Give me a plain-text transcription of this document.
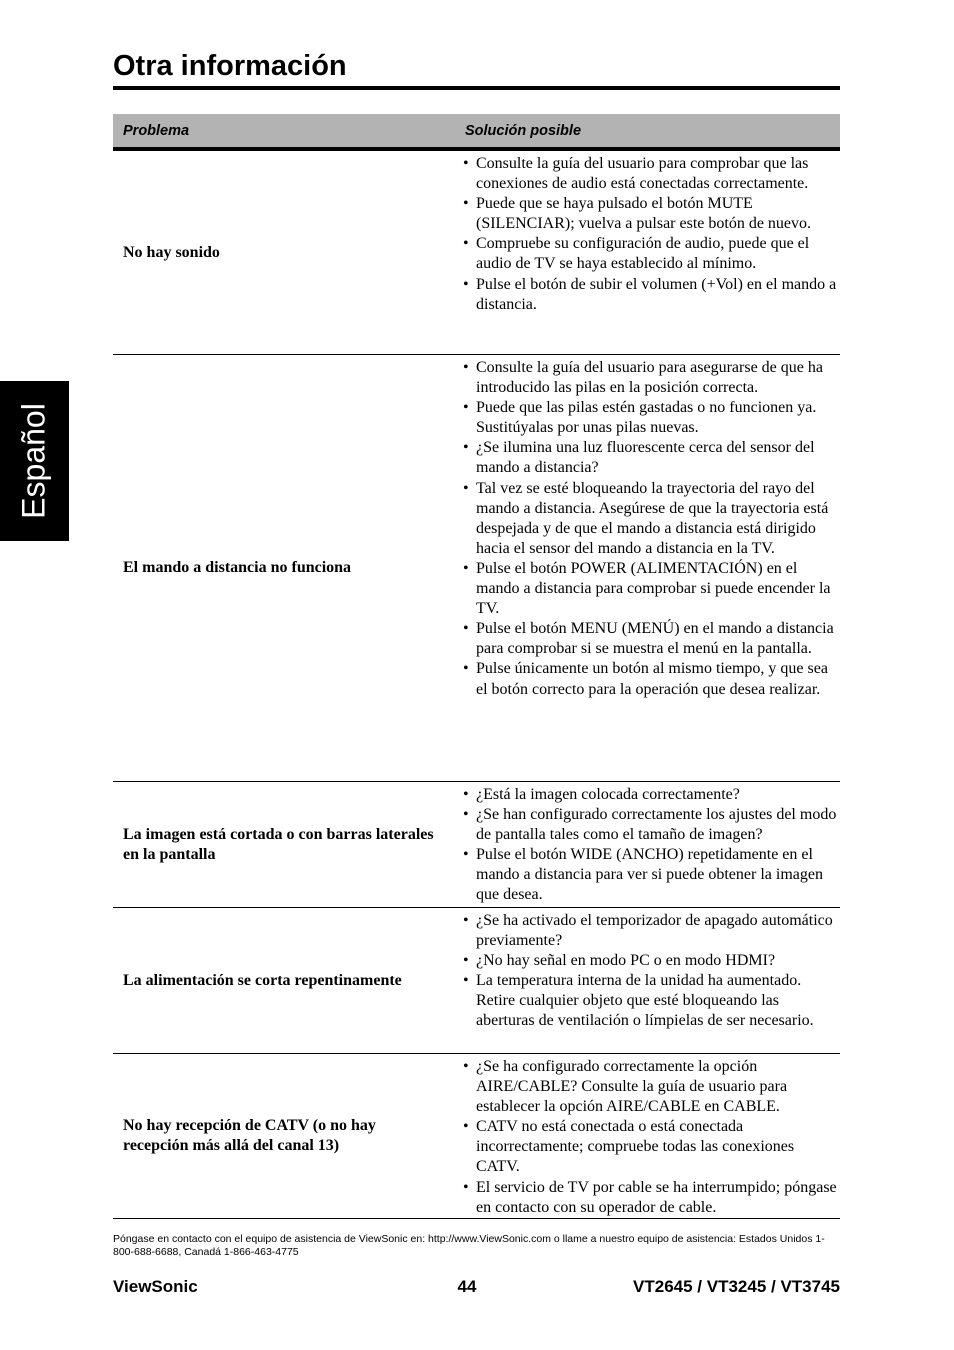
Otra información
Español
Problema	Solución posible
No hay sonido
• Consulte la guía del usuario para comprobar que las conexiones de audio está conectadas correctamente.
• Puede que se haya pulsado el botón MUTE (SILENCIAR); vuelva a pulsar este botón de nuevo.
• Compruebe su configuración de audio, puede que el audio de TV se haya establecido al mínimo.
• Pulse el botón de subir el volumen (+Vol) en el mando a distancia.
El mando a distancia no funciona
• Consulte la guía del usuario para asegurarse de que ha introducido las pilas en la posición correcta.
• Puede que las pilas estén gastadas o no funcionen ya. Sustitúyalas por unas pilas nuevas.
• ¿Se ilumina una luz fluorescente cerca del sensor del mando a distancia?
• Tal vez se esté bloqueando la trayectoria del rayo del mando a distancia. Asegúrese de que la trayectoria está despejada y de que el mando a distancia está dirigido hacia el sensor del mando a distancia en la TV.
• Pulse el botón POWER (ALIMENTACIÓN) en el mando a distancia para comprobar si puede encender la TV.
• Pulse el botón MENU (MENÚ) en el mando a distancia para comprobar si se muestra el menú en la pantalla.
• Pulse únicamente un botón al mismo tiempo, y que sea el botón correcto para la operación que desea realizar.
La imagen está cortada o con barras laterales en la pantalla
• ¿Está la imagen colocada correctamente?
• ¿Se han configurado correctamente los ajustes del modo de pantalla tales como el tamaño de imagen?
• Pulse el botón WIDE (ANCHO) repetidamente en el mando a distancia para ver si puede obtener la imagen que desea.
La alimentación se corta repentinamente
• ¿Se ha activado el temporizador de apagado automático previamente?
• ¿No hay señal en modo PC o en modo HDMI?
• La temperatura interna de la unidad ha aumentado. Retire cualquier objeto que esté bloqueando las aberturas de ventilación o límpielas de ser necesario.
No hay recepción de CATV (o no hay recepción más allá del canal 13)
• ¿Se ha configurado correctamente la opción AIRE/CABLE? Consulte la guía de usuario para establecer la opción AIRE/CABLE en CABLE.
• CATV no está conectada o está conectada incorrectamente; compruebe todas las conexiones CATV.
• El servicio de TV por cable se ha interrumpido; póngase en contacto con su operador de cable.
Póngase en contacto con el equipo de asistencia de ViewSonic en: http://www.ViewSonic.com o llame a nuestro equipo de asistencia: Estados Unidos 1-800-688-6688, Canadá 1-866-463-4775
ViewSonic	44	VT2645 / VT3245 / VT3745
